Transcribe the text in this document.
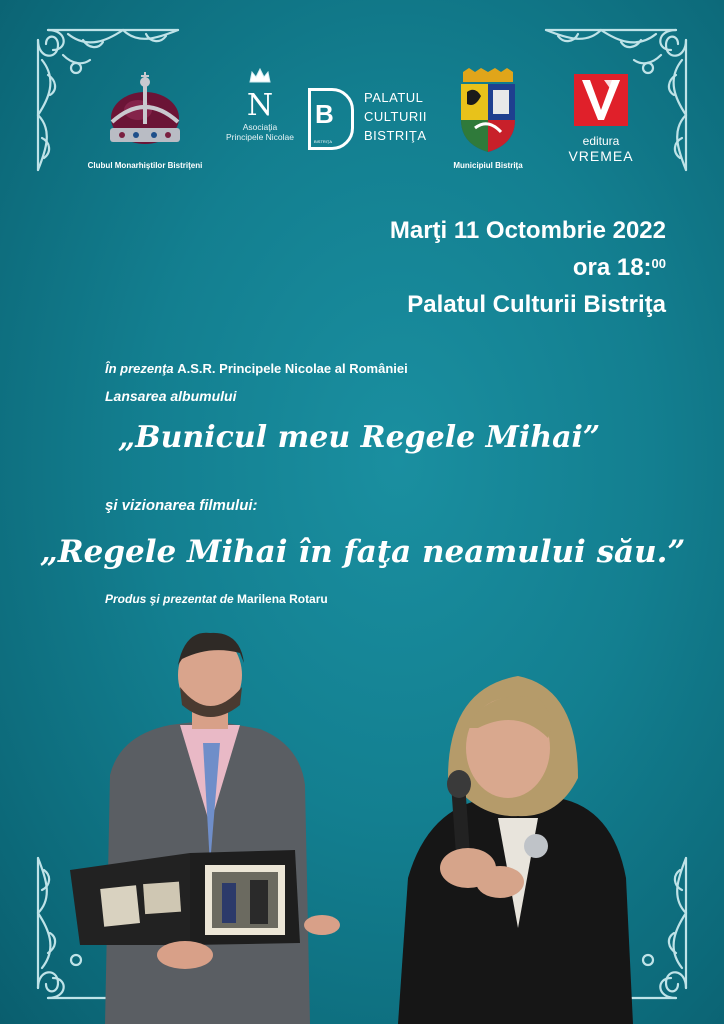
Clubul Monarhiştilor Bistriţeni
N
Asociaţia
Principele Nicolae
B
BISTRIŢA
PALATUL
CULTURII
BISTRIŢA
Municipiul Bistriţa
editura
VREMEA
Marţi 11 Octombrie 2022
ora 18:$^{00}$
Palatul Culturii Bistriţa
În prezenţa A.S.R. Principele Nicolae al României
Lansarea albumului
„Bunicul meu Regele Mihai”
şi vizionarea filmului:
„Regele Mihai în faţa neamului său.”
Produs şi prezentat de Marilena Rotaru
